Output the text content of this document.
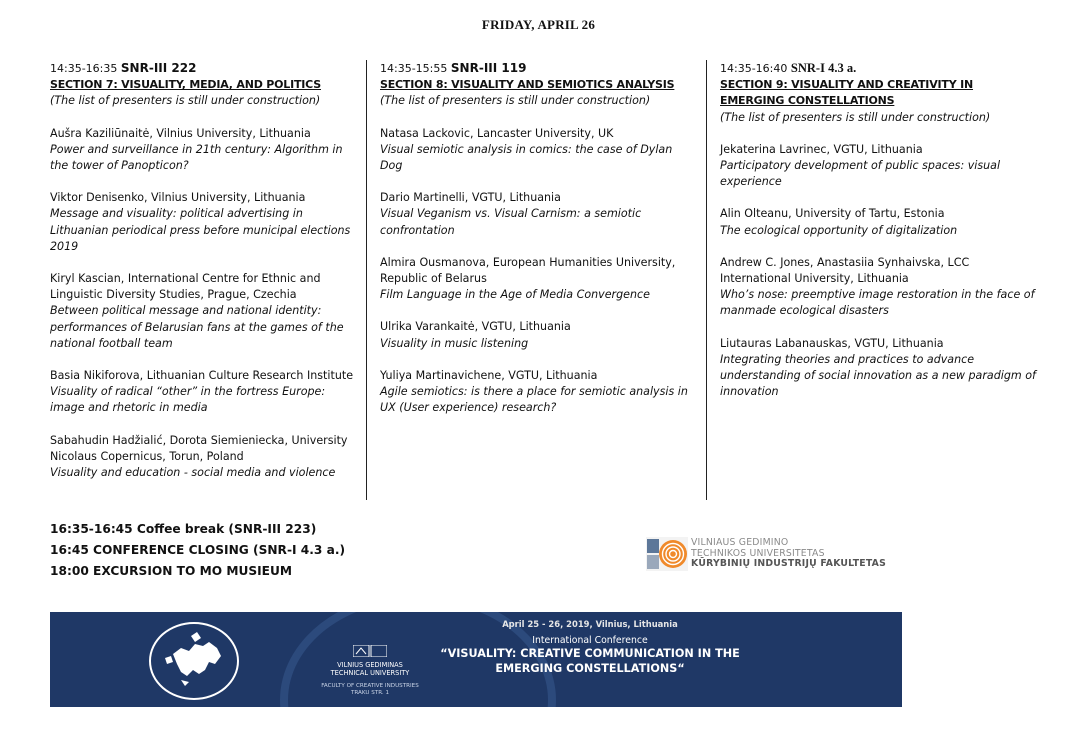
FRIDAY, APRIL 26
14:35-16:35 SNR-III 222
SECTION 7: VISUALITY, MEDIA, AND POLITICS
(The list of presenters is still under construction)
Aušra Kaziliūnaitė, Vilnius University, Lithuania
Power and surveillance in 21th century: Algorithm in the tower of Panopticon?
Viktor Denisenko, Vilnius University, Lithuania
Message and visuality: political advertising in Lithuanian periodical press before municipal elections 2019
Kiryl Kascian, International Centre for Ethnic and Linguistic Diversity Studies, Prague, Czechia
Between political message and national identity: performances of Belarusian fans at the games of the national football team
Basia Nikiforova, Lithuanian Culture Research Institute
Visuality of radical “other” in the fortress Europe: image and rhetoric in media
Sabahudin Hadžialić, Dorota Siemieniecka, University Nicolaus Copernicus, Torun, Poland
Visuality and education - social media and violence
14:35-15:55 SNR-III 119
SECTION 8: VISUALITY AND SEMIOTICS ANALYSIS
(The list of presenters is still under construction)
Natasa Lackovic, Lancaster University, UK
Visual semiotic analysis in comics: the case of Dylan Dog
Dario Martinelli, VGTU, Lithuania
Visual Veganism vs. Visual Carnism: a semiotic confrontation
Almira Ousmanova, European Humanities University, Republic of Belarus
Film Language in the Age of Media Convergence
Ulrika Varankaitė, VGTU, Lithuania
Visuality in music listening
Yuliya Martinavichene, VGTU, Lithuania
Agile semiotics: is there a place for semiotic analysis in UX (User experience) research?
14:35-16:40 SNR-I 4.3 a.
SECTION 9: VISUALITY AND CREATIVITY IN EMERGING CONSTELLATIONS
(The list of presenters is still under construction)
Jekaterina Lavrinec, VGTU, Lithuania
Participatory development of public spaces: visual experience
Alin Olteanu, University of Tartu, Estonia
The ecological opportunity of digitalization
Andrew C. Jones, Anastasiia Synhaivska, LCC International University, Lithuania
Who’s nose: preemptive image restoration in the face of manmade ecological disasters
Liutauras Labanauskas, VGTU, Lithuania
Integrating theories and practices to advance understanding of social innovation as a new paradigm of innovation
16:35-16:45 Coffee break (SNR-III 223)
16:45 CONFERENCE CLOSING (SNR-I 4.3 a.)
18:00 EXCURSION TO MO MUSIEUM
VILNIAUS GEDIMINO
TECHNIKOS UNIVERSITETAS
KŪRYBINIŲ INDUSTRIJŲ FAKULTETAS
VILNIUS GEDIMINAS
TECHNICAL UNIVERSITY
FACULTY OF CREATIVE INDUSTRIES
TRAKU STR. 1
April 25 - 26, 2019, Vilnius, Lithuania
International Conference
“VISUALITY: CREATIVE COMMUNICATION IN THE
EMERGING CONSTELLATIONS“
